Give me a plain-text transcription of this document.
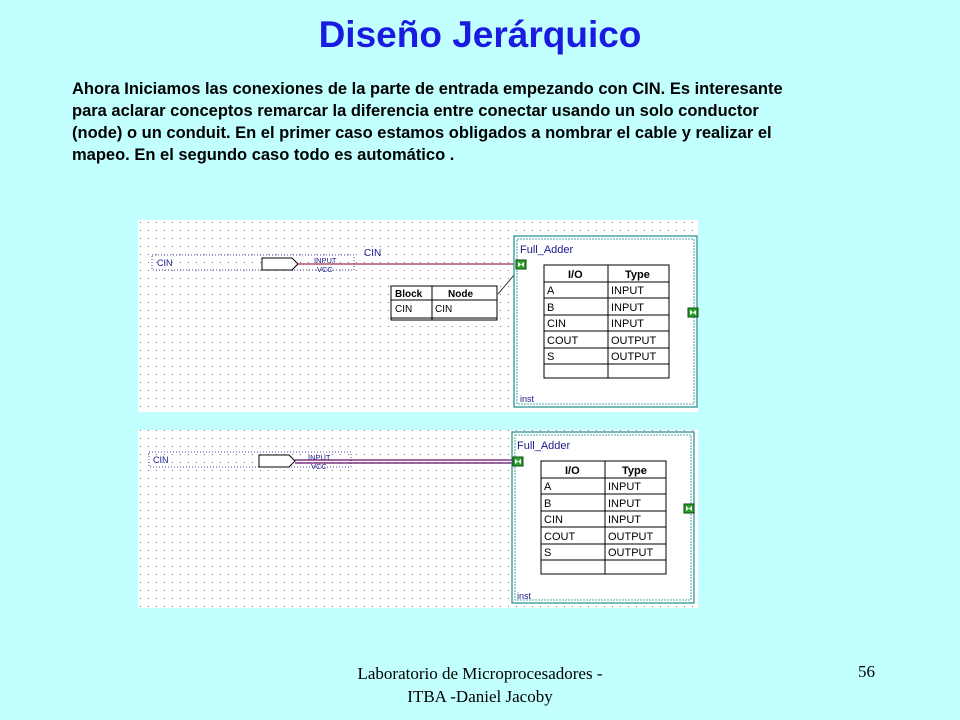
Diseño Jerárquico

Ahora Iniciamos las conexiones de la parte de entrada empezando con CIN. Es interesante
para aclarar conceptos remarcar la diferencia entre conectar usando un solo conductor
(node) o un conduit. En el primer caso estamos obligados a nombrar el cable y realizar el
mapeo. En el segundo caso todo es automático .

CIN	INPUT
VCC
CIN
Block	Node
CIN CIN
Full_Adder
inst
I/O	Type
A	INPUT
B	INPUT
CIN	INPUT
COUT	OUTPUT
S	OUTPUT
CIN	INPUT
VCC
Full_Adder
inst
I/O	Type
A	INPUT
B	INPUT
CIN	INPUT
COUT	OUTPUT
S	OUTPUT
Laboratorio de Microprocesadores -
ITBA -Daniel Jacoby
56
